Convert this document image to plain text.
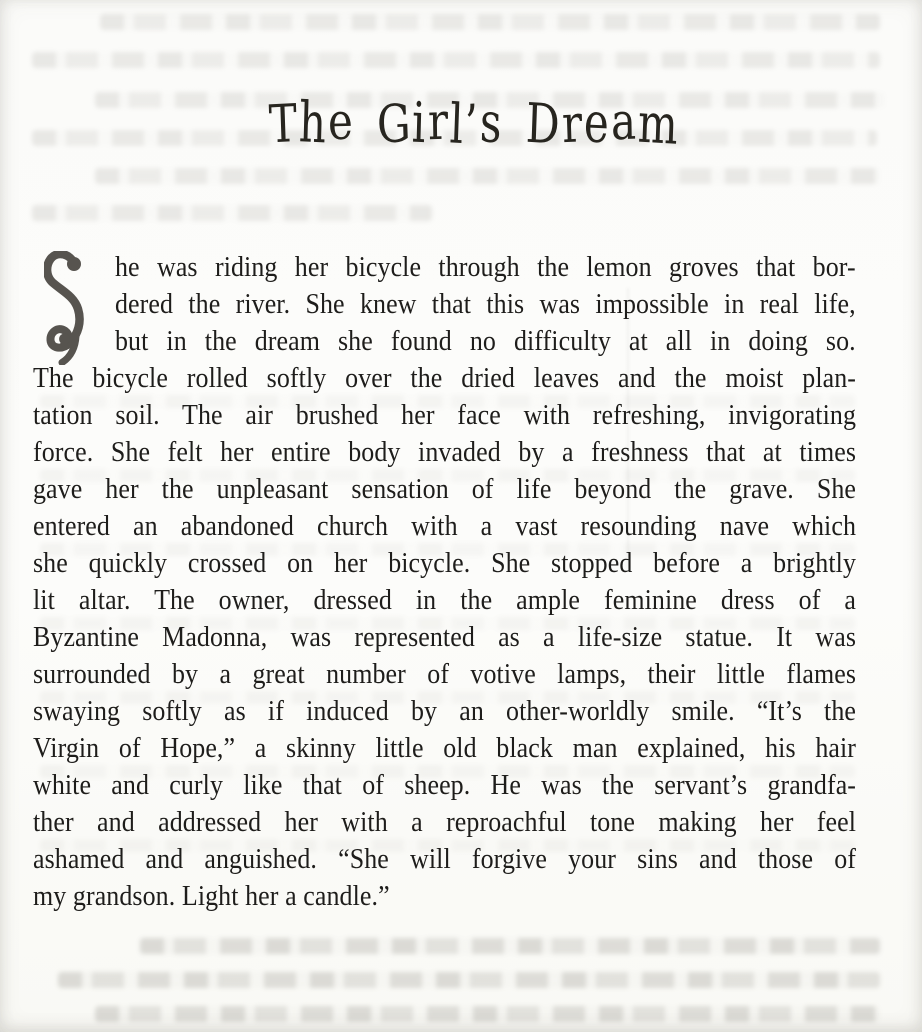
The Girl’s Dream
he was riding her bicycle through the lemon groves that bor-
dered the river. She knew that this was impossible in real life,
but in the dream she found no difficulty at all in doing so.
The bicycle rolled softly over the dried leaves and the moist plan-
tation soil. The air brushed her face with refreshing, invigorating
force. She felt her entire body invaded by a freshness that at times
gave her the unpleasant sensation of life beyond the grave. She
entered an abandoned church with a vast resounding nave which
she quickly crossed on her bicycle. She stopped before a brightly
lit altar. The owner, dressed in the ample feminine dress of a
Byzantine Madonna, was represented as a life-size statue. It was
surrounded by a great number of votive lamps, their little flames
swaying softly as if induced by an other-worldly smile. “It’s the
Virgin of Hope,” a skinny little old black man explained, his hair
white and curly like that of sheep. He was the servant’s grandfa-
ther and addressed her with a reproachful tone making her feel
ashamed and anguished. “She will forgive your sins and those of
my grandson. Light her a candle.”
